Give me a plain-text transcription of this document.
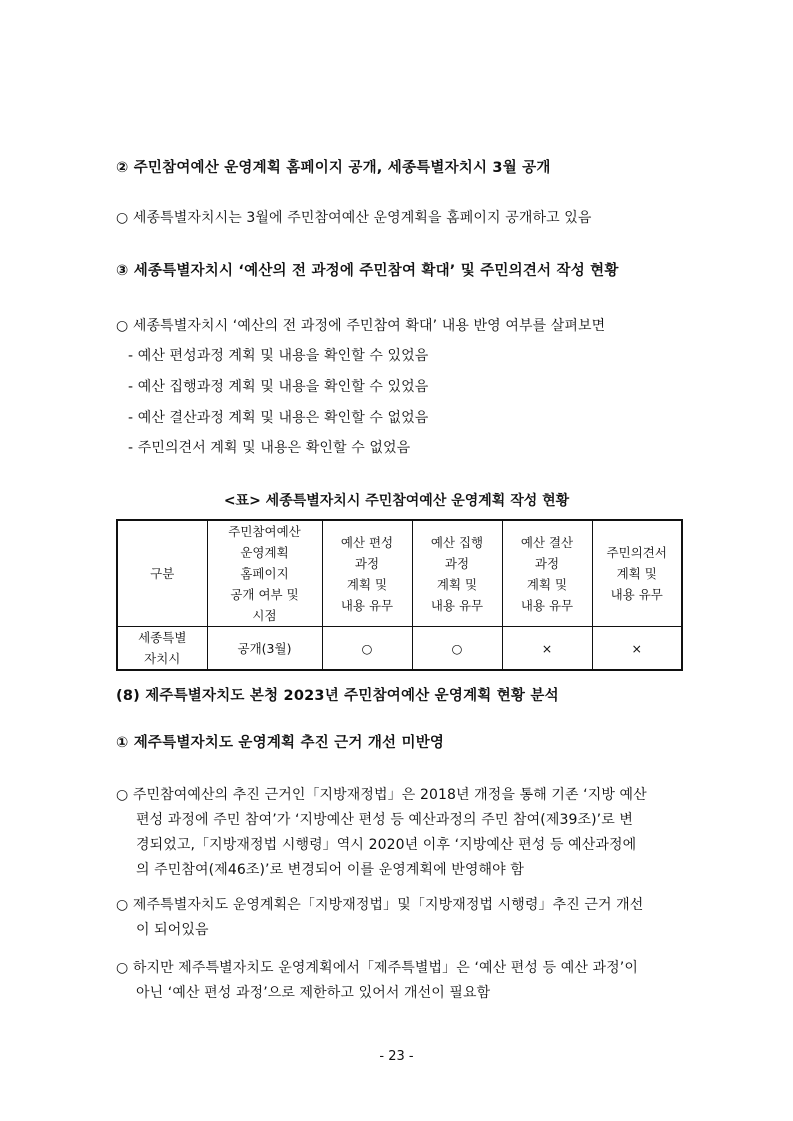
② 주민참여예산 운영계획 홈페이지 공개, 세종특별자치시 3월 공개
○ 세종특별자치시는 3월에 주민참여예산 운영계획을 홈페이지 공개하고 있음
③ 세종특별자치시 ‘예산의 전 과정에 주민참여 확대’ 및 주민의견서 작성 현황
○ 세종특별자치시 ‘예산의 전 과정에 주민참여 확대’ 내용 반영 여부를 살펴보면
- 예산 편성과정 계획 및 내용을 확인할 수 있었음
- 예산 집행과정 계획 및 내용을 확인할 수 있었음
- 예산 결산과정 계획 및 내용은 확인할 수 없었음
- 주민의견서 계획 및 내용은 확인할 수 없었음
<표> 세종특별자치시 주민참여예산 운영계획 작성 현황
구분	주민참여예산
운영계획
홈페이지
공개 여부 및
시점	예산 편성
과정
계획 및
내용 유무	예산 집행
과정
계획 및
내용 유무	예산 결산
과정
계획 및
내용 유무	주민의견서
계획 및
내용 유무
세종특별
자치시	공개(3월)	○	○	×	×
(8) 제주특별자치도 본청 2023년 주민참여예산 운영계획 현황 분석
① 제주특별자치도 운영계획 추진 근거 개선 미반영
○ 주민참여예산의 추진 근거인「지방재정법」은 2018년 개정을 통해 기존 ‘지방 예산
편성 과정에 주민 참여’가 ‘지방예산 편성 등 예산과정의 주민 참여(제39조)’로 변
경되었고,「지방재정법 시행령」역시 2020년 이후 ‘지방예산 편성 등 예산과정에
의 주민참여(제46조)’로 변경되어 이를 운영계획에 반영해야 함
○ 제주특별자치도 운영계획은「지방재정법」및「지방재정법 시행령」추진 근거 개선
이 되어있음
○ 하지만 제주특별자치도 운영계획에서「제주특별법」은 ‘예산 편성 등 예산 과정’이
아닌 ‘예산 편성 과정’으로 제한하고 있어서 개선이 필요함
- 23 -
